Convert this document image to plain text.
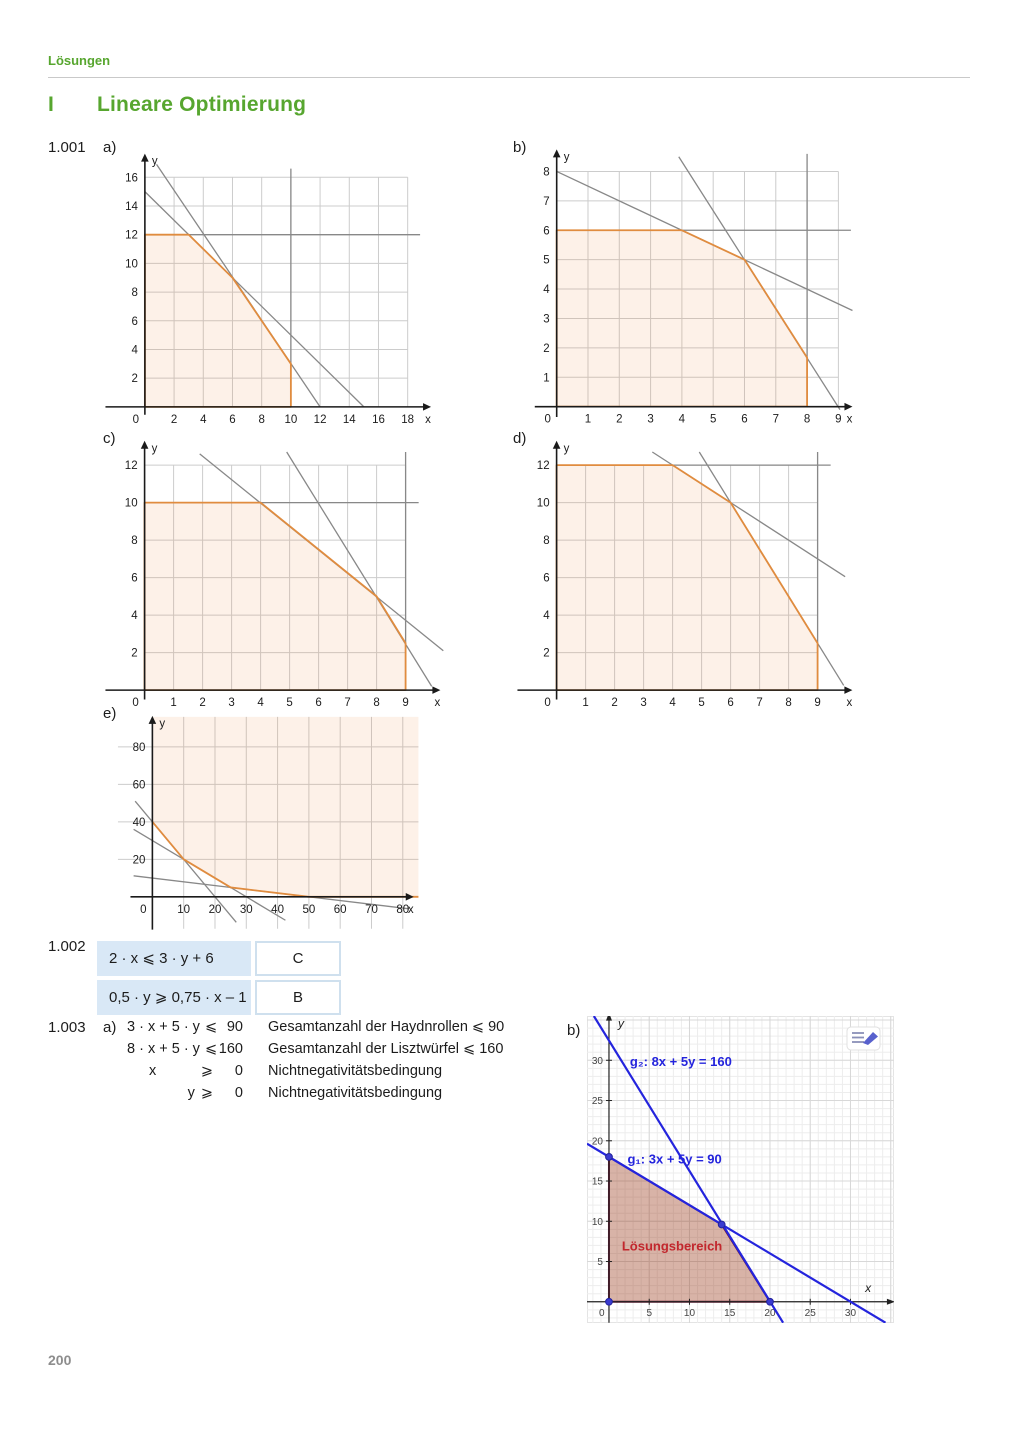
Lösungen
I Lineare Optimierung
1.001 a)	b)
c)	d)
e)
1.002
1.003 a)	b)
0	2 4 6 8 10 12 14 16 18
2
4
6
8
10
12
14
16
x
y
0	1 2 3 4 5 6 7 8 9
1
2
3
4
5
6
7
8
x
y
0	1 2 3 4 5 6 7 8 9
2
4
6
8
10
12
x
y
0	1 2 3 4 5 6 7 8 9
2
4
6
8
10
12
x
y
0	10 20 30 40 50 60 70 80
20
40
60
80
x
y
5	10	15	20	25	30
5
10
15
20
25
30
0
g₂: 8x + 5y = 160
g₁: 3x + 5y = 90
Lösungsbereich
x
y
2 · x ⩽ 3 · y + 6	C
0,5 · y ⩾ 0,75 · x – 1	B
3 · x + 5 · y ⩽ 90	Gesamtanzahl der Haydnrollen ⩽ 90
8 · x + 5 · y ⩽ 160	Gesamtanzahl der Lisztwürfel ⩽ 160
x	⩾	0	Nichtnegativitätsbedingung
y ⩾	0	Nichtnegativitätsbedingung
200
